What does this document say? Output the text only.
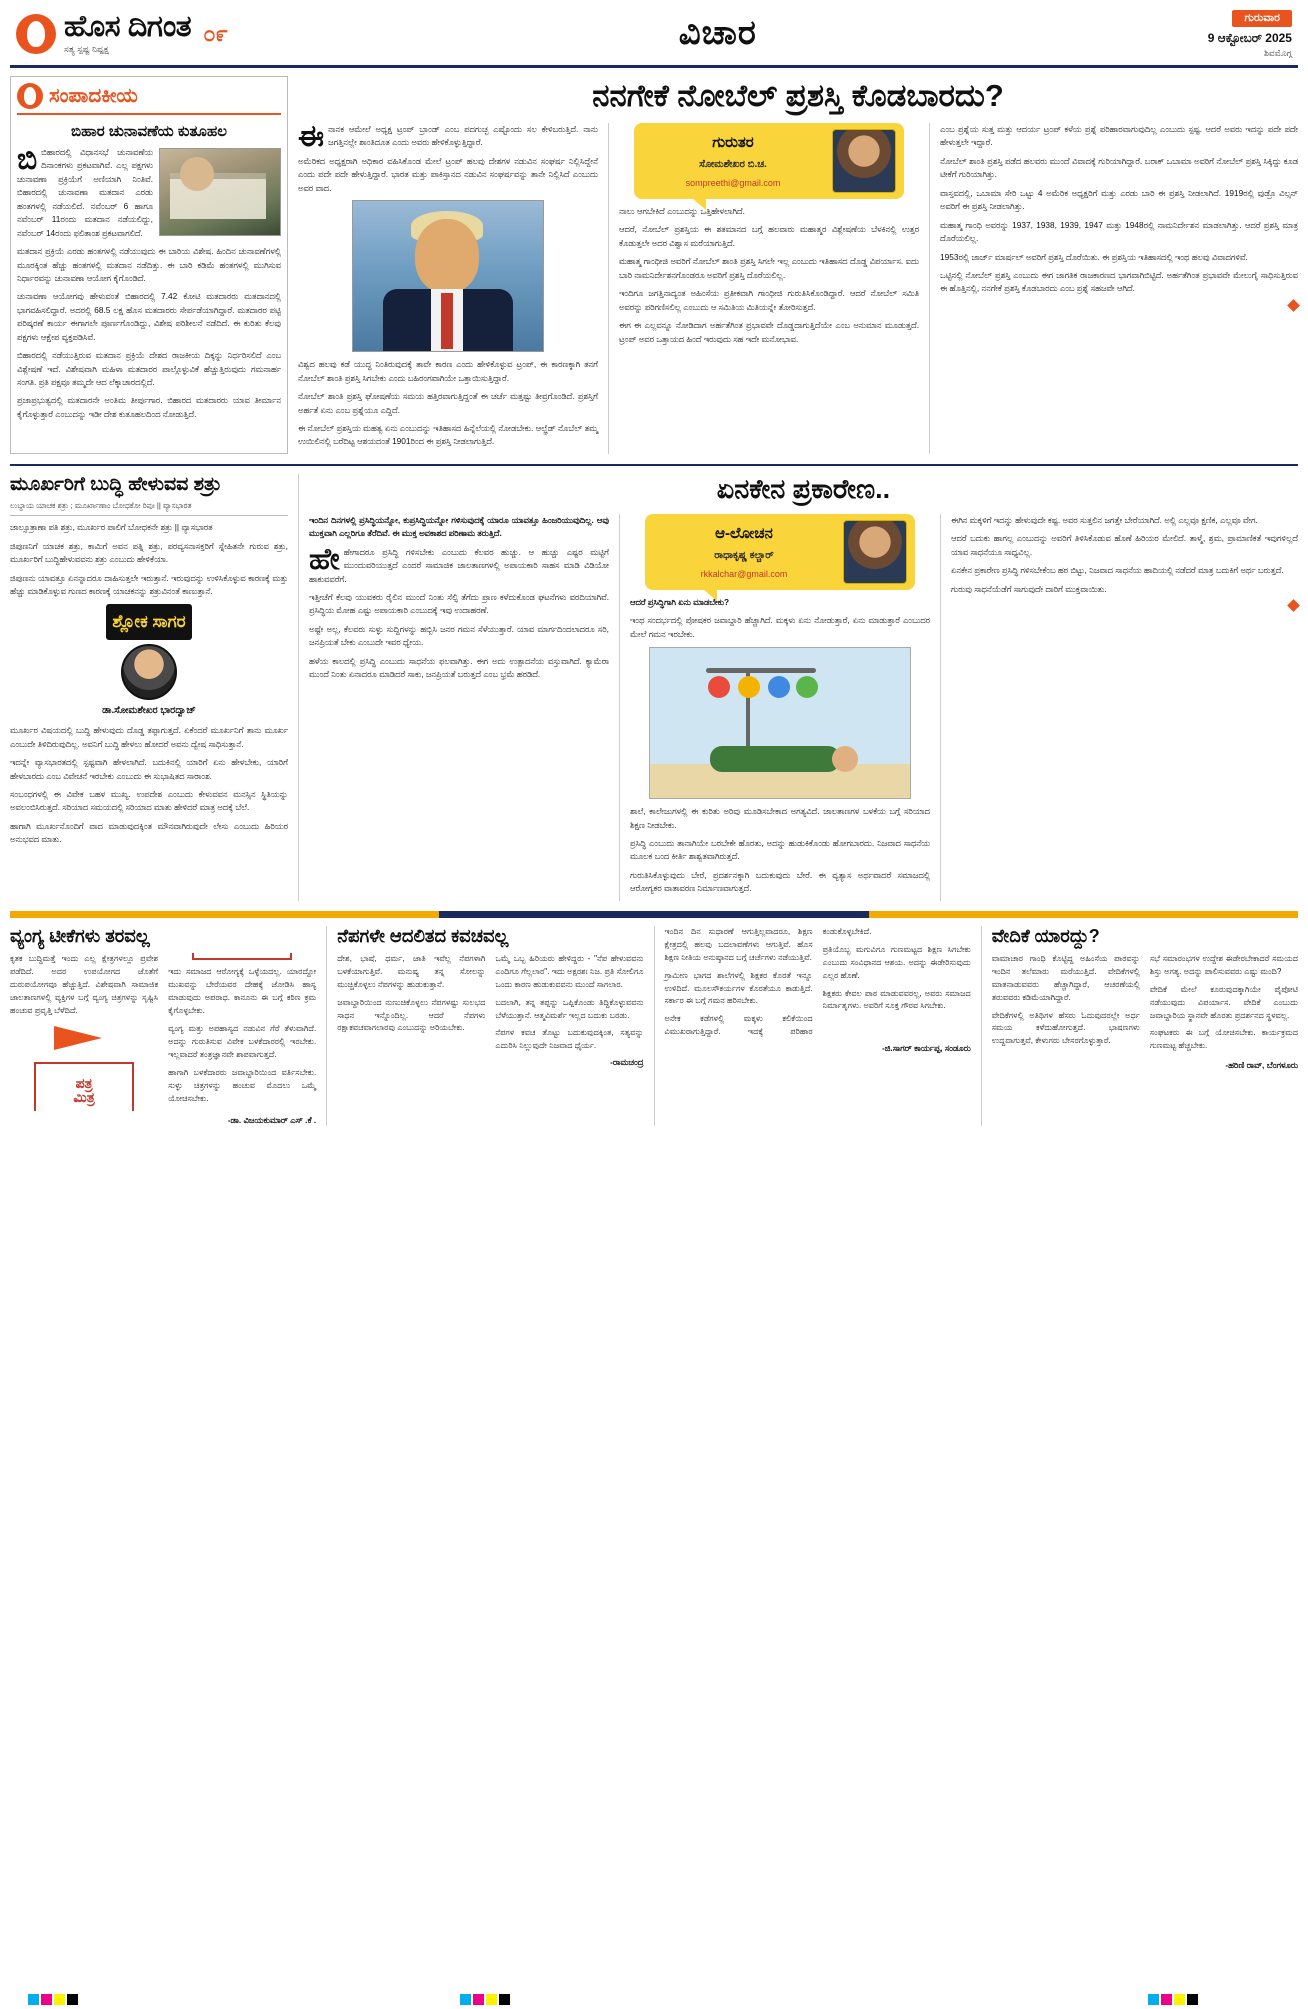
ಹೊಸ ದಿಗಂತ
ಸತ್ಯ ಸ್ಪಷ್ಟ ನಿಷ್ಪಕ್ಷ
೦೯	ವಿಚಾರ	ಗುರುವಾರ
9 ಆಕ್ಟೋಬರ್ 2025
ಶಿವಮೊಗ್ಗ
ಸಂಪಾದಕೀಯ
ಬಿಹಾರ ಚುನಾವಣೆಯ ಕುತೂಹಲ

ಬಿಬಿಹಾರದಲ್ಲಿ ವಿಧಾನಸಭೆ ಚುನಾವಣೆಯ ದಿನಾಂಕಗಳು ಪ್ರಕಟವಾಗಿವೆ. ಎಲ್ಲ ಪಕ್ಷಗಳು ಚುನಾವಣಾ ಪ್ರಕ್ರಿಯೆಗೆ ಅಣಿಯಾಗಿ ನಿಂತಿವೆ. ಬಿಹಾರದಲ್ಲಿ ಚುನಾವಣಾ ಮತದಾನ ಎರಡು ಹಂತಗಳಲ್ಲಿ ನಡೆಯಲಿದೆ. ನವೆಂಬರ್ 6 ಹಾಗೂ ನವೆಂಬರ್ 11ರಂದು ಮತದಾನ ನಡೆಯಲಿದ್ದು, ನವೆಂಬರ್ 14ರಂದು ಫಲಿತಾಂಶ ಪ್ರಕಟವಾಗಲಿದೆ.

ಮತದಾನ ಪ್ರಕ್ರಿಯೆ ಎರಡು ಹಂತಗಳಲ್ಲಿ ನಡೆಯುವುದು ಈ ಬಾರಿಯ ವಿಶೇಷ. ಹಿಂದಿನ ಚುನಾವಣೆಗಳಲ್ಲಿ ಮೂರಕ್ಕಿಂತ ಹೆಚ್ಚು ಹಂತಗಳಲ್ಲಿ ಮತದಾನ ನಡೆದಿತ್ತು. ಈ ಬಾರಿ ಕಡಿಮೆ ಹಂತಗಳಲ್ಲಿ ಮುಗಿಸುವ ನಿರ್ಧಾರವನ್ನು ಚುನಾವಣಾ ಆಯೋಗ ಕೈಗೊಂಡಿದೆ.

ಚುನಾವಣಾ ಆಯೋಗವು ಹೇಳುವಂತೆ ಬಿಹಾರದಲ್ಲಿ 7.42 ಕೋಟಿ ಮತದಾರರು ಮತದಾನದಲ್ಲಿ ಭಾಗವಹಿಸಲಿದ್ದಾರೆ. ಅದರಲ್ಲಿ 68.5 ಲಕ್ಷ ಹೊಸ ಮತದಾರರು ಸೇರ್ಪಡೆಯಾಗಿದ್ದಾರೆ. ಮತದಾರರ ಪಟ್ಟಿ ಪರಿಷ್ಕರಣೆ ಕಾರ್ಯ ಈಗಾಗಲೇ ಪೂರ್ಣಗೊಂಡಿದ್ದು, ವಿಶೇಷ ಪರಿಶೀಲನೆ ನಡೆದಿದೆ. ಈ ಕುರಿತು ಕೆಲವು ಪಕ್ಷಗಳು ಆಕ್ಷೇಪ ವ್ಯಕ್ತಪಡಿಸಿವೆ.

ಬಿಹಾರದಲ್ಲಿ ನಡೆಯುತ್ತಿರುವ ಮತದಾನ ಪ್ರಕ್ರಿಯೆ ದೇಶದ ರಾಜಕೀಯ ದಿಕ್ಕನ್ನು ನಿರ್ಧರಿಸಲಿದೆ ಎಂಬ ವಿಶ್ಲೇಷಣೆ ಇದೆ. ವಿಶೇಷವಾಗಿ ಮಹಿಳಾ ಮತದಾರರ ಪಾಲ್ಗೊಳ್ಳುವಿಕೆ ಹೆಚ್ಚುತ್ತಿರುವುದು ಗಮನಾರ್ಹ ಸಂಗತಿ. ಪ್ರತಿ ಪಕ್ಷವೂ ತಮ್ಮದೇ ಆದ ಲೆಕ್ಕಾಚಾರದಲ್ಲಿದೆ.

ಪ್ರಜಾಪ್ರಭುತ್ವದಲ್ಲಿ ಮತದಾರನೇ ಅಂತಿಮ ತೀರ್ಪುಗಾರ. ಬಿಹಾರದ ಮತದಾರರು ಯಾವ ತೀರ್ಮಾನ ಕೈಗೊಳ್ಳುತ್ತಾರೆ ಎಂಬುದನ್ನು ಇಡೀ ದೇಶ ಕುತೂಹಲದಿಂದ ನೋಡುತ್ತಿದೆ.

ನನಗೇಕೆ ನೋಬೆಲ್ ಪ್ರಶಸ್ತಿ ಕೊಡಬಾರದು?

ಈನಾನಕ ಆಮೇಲೆ ಅಧ್ಯಕ್ಷ ಟ್ರಂಪ್ ಬ್ರಾಂಡ್ ಎಂಬ ಪದಗುಚ್ಛ ಎಷ್ಟೊಂದು ಸಲ ಕೇಳಿಬರುತ್ತಿದೆ. ನಾನು ಜಗತ್ತಿನಲ್ಲೇ ಶಾಂತಿದೂತ ಎಂದು ಅವರು ಹೇಳಿಕೊಳ್ಳುತ್ತಿದ್ದಾರೆ.

ಅಮೆರಿಕದ ಅಧ್ಯಕ್ಷರಾಗಿ ಅಧಿಕಾರ ವಹಿಸಿಕೊಂಡ ಮೇಲೆ ಟ್ರಂಪ್ ಹಲವು ದೇಶಗಳ ನಡುವಿನ ಸಂಘರ್ಷ ನಿಲ್ಲಿಸಿದ್ದೇನೆ ಎಂದು ಪದೇ ಪದೇ ಹೇಳುತ್ತಿದ್ದಾರೆ. ಭಾರತ ಮತ್ತು ಪಾಕಿಸ್ತಾನದ ನಡುವಿನ ಸಂಘರ್ಷವನ್ನು ತಾನೇ ನಿಲ್ಲಿಸಿದೆ ಎಂಬುದು ಅವರ ವಾದ.

ವಿಶ್ವದ ಹಲವು ಕಡೆ ಯುದ್ಧ ನಿಂತಿರುವುದಕ್ಕೆ ತಾವೇ ಕಾರಣ ಎಂದು ಹೇಳಿಕೊಳ್ಳುವ ಟ್ರಂಪ್, ಈ ಕಾರಣಕ್ಕಾಗಿ ತನಗೆ ನೋಬೆಲ್ ಶಾಂತಿ ಪ್ರಶಸ್ತಿ ಸಿಗಬೇಕು ಎಂದು ಬಹಿರಂಗವಾಗಿಯೇ ಒತ್ತಾಯಿಸುತ್ತಿದ್ದಾರೆ.

ನೋಬೆಲ್ ಶಾಂತಿ ಪ್ರಶಸ್ತಿ ಘೋಷಣೆಯ ಸಮಯ ಹತ್ತಿರವಾಗುತ್ತಿದ್ದಂತೆ ಈ ಚರ್ಚೆ ಮತ್ತಷ್ಟು ತೀವ್ರಗೊಂಡಿದೆ. ಪ್ರಶಸ್ತಿಗೆ ಅರ್ಹತೆ ಏನು ಎಂಬ ಪ್ರಶ್ನೆಯೂ ಎದ್ದಿದೆ.

ಈ ನೋಬೆಲ್ ಪ್ರಶಸ್ತಿಯ ಮಹತ್ವ ಏನು ಎಂಬುದನ್ನು ಇತಿಹಾಸದ ಹಿನ್ನೆಲೆಯಲ್ಲಿ ನೋಡಬೇಕು. ಆಲ್ಫ್ರೆಡ್ ನೊಬೆಲ್ ತಮ್ಮ ಉಯಿಲಿನಲ್ಲಿ ಬರೆದಿಟ್ಟ ಆಶಯದಂತೆ 1901ರಿಂದ ಈ ಪ್ರಶಸ್ತಿ ನೀಡಲಾಗುತ್ತಿದೆ.

ಗುರುತರ
ಸೋಮಶೇಖರ ಬಿ.ಚ.
sompreethi@gmail.com

ನಾಲು ಆಗಬೇಕಿದೆ ಎಂಬುದನ್ನು ಒತ್ತಿಹೇಳಲಾಗಿದೆ.

ಆದರೆ, ನೋಬೆಲ್ ಪ್ರಶಸ್ತಿಯ ಈ ಶತಮಾನದ ಬಗ್ಗೆ ಹಲವಾರು ಮಹಾತ್ಮರ ವಿಶ್ಲೇಷಣೆಯ ಬೆಳಕಿನಲ್ಲಿ ಉತ್ತರ ಕೊಡುತ್ತಲೇ ಅದರ ವಿಶ್ವಾಸ ಮರೆಯಾಗುತ್ತಿದೆ.

ಮಹಾತ್ಮ ಗಾಂಧೀಜಿ ಅವರಿಗೆ ನೋಬೆಲ್ ಶಾಂತಿ ಪ್ರಶಸ್ತಿ ಸಿಗಲೇ ಇಲ್ಲ ಎಂಬುದು ಇತಿಹಾಸದ ದೊಡ್ಡ ವಿಪರ್ಯಾಸ. ಐದು ಬಾರಿ ನಾಮನಿರ್ದೇಶನಗೊಂಡರೂ ಅವರಿಗೆ ಪ್ರಶಸ್ತಿ ದೊರೆಯಲಿಲ್ಲ.

ಇಂದಿಗೂ ಜಗತ್ತಿನಾದ್ಯಂತ ಅಹಿಂಸೆಯ ಪ್ರತೀಕವಾಗಿ ಗಾಂಧೀಜಿ ಗುರುತಿಸಿಕೊಂಡಿದ್ದಾರೆ. ಆದರೆ ನೋಬೆಲ್ ಸಮಿತಿ ಅವರನ್ನು ಪರಿಗಣಿಸಲಿಲ್ಲ ಎಂಬುದು ಆ ಸಮಿತಿಯ ಮಿತಿಯನ್ನೇ ತೋರಿಸುತ್ತದೆ.

ಈಗ ಈ ಎಲ್ಲವನ್ನೂ ನೋಡಿದಾಗ ಅರ್ಹತೆಗಿಂತ ಪ್ರಭಾವವೇ ದೊಡ್ಡದಾಗುತ್ತಿದೆಯೇ ಎಂಬ ಅನುಮಾನ ಮೂಡುತ್ತದೆ. ಟ್ರಂಪ್ ಅವರ ಒತ್ತಾಯದ ಹಿಂದೆ ಇರುವುದು ಸಹ ಇದೇ ಮನೋಭಾವ.

ಎಂಬ ಪ್ರಶ್ನೆಯ ಸುತ್ತ ಮತ್ತು ಆದರ್ಯ ಟ್ರಂಪ್ ಕಳೆಯ ಪ್ರಶ್ನೆ ಪರಿಹಾರವಾಗುವುದಿಲ್ಲ ಎಂಬುದು ಸ್ಪಷ್ಟ. ಆದರೆ ಅವರು ಇದನ್ನು ಪದೇ ಪದೇ ಹೇಳುತ್ತಲೇ ಇದ್ದಾರೆ.

ನೋಬೆಲ್ ಶಾಂತಿ ಪ್ರಶಸ್ತಿ ಪಡೆದ ಹಲವರು ಮುಂದೆ ವಿವಾದಕ್ಕೆ ಗುರಿಯಾಗಿದ್ದಾರೆ. ಬರಾಕ್ ಒಬಾಮಾ ಅವರಿಗೆ ನೋಬೆಲ್ ಪ್ರಶಸ್ತಿ ಸಿಕ್ಕಿದ್ದು ಕೂಡ ಟೀಕೆಗೆ ಗುರಿಯಾಗಿತ್ತು.

ವಾಸ್ತವದಲ್ಲಿ, ಒಬಾಮಾ ಸೇರಿ ಒಟ್ಟು 4 ಅಮೆರಿಕ ಅಧ್ಯಕ್ಷರಿಗೆ ಮತ್ತು ಎರಡು ಬಾರಿ ಈ ಪ್ರಶಸ್ತಿ ನೀಡಲಾಗಿದೆ. 1919ರಲ್ಲಿ ವುಡ್ರೊ ವಿಲ್ಸನ್ ಅವರಿಗೆ ಈ ಪ್ರಶಸ್ತಿ ನೀಡಲಾಗಿತ್ತು.

ಮಹಾತ್ಮ ಗಾಂಧಿ ಅವರನ್ನು 1937, 1938, 1939, 1947 ಮತ್ತು 1948ರಲ್ಲಿ ನಾಮನಿರ್ದೇಶನ ಮಾಡಲಾಗಿತ್ತು. ಆದರೆ ಪ್ರಶಸ್ತಿ ಮಾತ್ರ ದೊರೆಯಲಿಲ್ಲ.

1953ರಲ್ಲಿ ಜಾರ್ಜ್ ಮಾರ್ಷಲ್ ಅವರಿಗೆ ಪ್ರಶಸ್ತಿ ದೊರೆಯಿತು. ಈ ಪ್ರಶಸ್ತಿಯ ಇತಿಹಾಸದಲ್ಲಿ ಇಂಥ ಹಲವು ವಿವಾದಗಳಿವೆ.

ಒಟ್ಟಿನಲ್ಲಿ ನೋಬೆಲ್ ಪ್ರಶಸ್ತಿ ಎಂಬುದು ಈಗ ಜಾಗತಿಕ ರಾಜಕಾರಣದ ಭಾಗವಾಗಿಬಿಟ್ಟಿದೆ. ಅರ್ಹತೆಗಿಂತ ಪ್ರಭಾವವೇ ಮೇಲುಗೈ ಸಾಧಿಸುತ್ತಿರುವ ಈ ಹೊತ್ತಿನಲ್ಲಿ, ನನಗೇಕೆ ಪ್ರಶಸ್ತಿ ಕೊಡಬಾರದು ಎಂಬ ಪ್ರಶ್ನೆ ಸಹಜವೇ ಆಗಿದೆ.

ಮೂರ್ಖರಿಗೆ ಬುದ್ಧಿ ಹೇಳುವವ ಶತ್ರು
ಲುಬ್ಧಾಯ ಯಾಚಕ ಶತ್ರು ; ಮೂರ್ಖಾಣಾಂ ಬೋಧಕೋ ರಿಪುಃ || ವ್ಯಾಸಭಾರತ

ಜಾಲ್ಸೂತ್ರಾಣಾ ಪತಿ ಶತ್ರು, ಮೂರ್ಖರ ಪಾಲಿಗೆ ಬೋಧಕನೇ ಶತ್ರು || ವ್ಯಾಸಭಾರತ

ಜಿಪುಣನಿಗೆ ಯಾಚಕ ಶತ್ರು, ಕಾಮಿಗೆ ಅವನ ಪತ್ನಿ ಶತ್ರು, ಪರವ್ಯಸನಾಸಕ್ತರಿಗೆ ಸ್ನೇಹಿತನೇ ಗುರುವ ಶತ್ರು, ಮೂರ್ಖರಿಗೆ ಬುದ್ಧಿಹೇಳುವವನು ಶತ್ರು ಎಂಬುದು ಹೇಳಿಕೆಯಾ.

ಜಿಪುಣನು ಯಾವತ್ತೂ ಏನನ್ನಾದರೂ ದಾಹಿಸುತ್ತಲೇ ಇರುತ್ತಾನೆ. ಇರುವುದನ್ನು ಉಳಿಸಿಕೊಳ್ಳುವ ಕಾರಣಕ್ಕೆ ಮತ್ತು ಹೆಚ್ಚು ಮಾಡಿಕೊಳ್ಳುವ ಗುಣದ ಕಾರಣಕ್ಕೆ ಯಾಚಕನನ್ನು ಶತ್ರುವಿನಂತೆ ಕಾಣುತ್ತಾನೆ.

ಶ್ಲೋಕ ಸಾಗರ
ಡಾ.ಸೋಮಶೇಖರ ಭಾರದ್ವಾಜ್

ಮೂರ್ಖರ ವಿಷಯದಲ್ಲಿ ಬುದ್ಧಿ ಹೇಳುವುದು ದೊಡ್ಡ ತಪ್ಪಾಗುತ್ತದೆ. ಏಕೆಂದರೆ ಮೂರ್ಖನಿಗೆ ತಾನು ಮೂರ್ಖ ಎಂಬುದೇ ತಿಳಿದಿರುವುದಿಲ್ಲ. ಅವನಿಗೆ ಬುದ್ಧಿ ಹೇಳಲು ಹೋದರೆ ಅವನು ದ್ವೇಷ ಸಾಧಿಸುತ್ತಾನೆ.

ಇದನ್ನೇ ವ್ಯಾಸಭಾರತದಲ್ಲಿ ಸ್ಪಷ್ಟವಾಗಿ ಹೇಳಲಾಗಿದೆ. ಬದುಕಿನಲ್ಲಿ ಯಾರಿಗೆ ಏನು ಹೇಳಬೇಕು, ಯಾರಿಗೆ ಹೇಳಬಾರದು ಎಂಬ ವಿವೇಚನೆ ಇರಬೇಕು ಎಂಬುದು ಈ ಸುಭಾಷಿತದ ಸಾರಾಂಶ.

ಸಂಬಂಧಗಳಲ್ಲಿ ಈ ವಿವೇಕ ಬಹಳ ಮುಖ್ಯ. ಉಪದೇಶ ಎಂಬುದು ಕೇಳುವವನ ಮನಸ್ಸಿನ ಸ್ಥಿತಿಯನ್ನು ಅವಲಂಬಿಸಿರುತ್ತದೆ. ಸರಿಯಾದ ಸಮಯದಲ್ಲಿ ಸರಿಯಾದ ಮಾತು ಹೇಳಿದರೆ ಮಾತ್ರ ಅದಕ್ಕೆ ಬೆಲೆ.

ಹಾಗಾಗಿ ಮೂರ್ಖನೊಂದಿಗೆ ವಾದ ಮಾಡುವುದಕ್ಕಿಂತ ಮೌನವಾಗಿರುವುದೇ ಲೇಸು ಎಂಬುದು ಹಿರಿಯರ ಅನುಭವದ ಮಾತು.

ಏನಕೇನ ಪ್ರಕಾರೇಣ..

ಇಂದಿನ ದಿನಗಳಲ್ಲಿ ಪ್ರಸಿದ್ಧಿಯನ್ನೋ, ಕುಪ್ರಸಿದ್ಧಿಯನ್ನೋ ಗಳಿಸುವುದಕ್ಕೆ ಯಾರೂ ಯಾವತ್ತೂ ಹಿಂಜರಿಯುವುದಿಲ್ಲ. ಆವು ಮುಕ್ತವಾಗಿ ಎಲ್ಲರಿಗೂ ತೆರೆದಿವೆ. ಈ ಮುಕ್ತ ಅವಕಾಶದ ಪರಿಣಾಮ ತರುತ್ತಿದೆ.

ಹೇಹೇಗಾದರೂ ಪ್ರಸಿದ್ಧಿ ಗಳಿಸಬೇಕು ಎಂಬುದು ಕೆಲವರ ಹುಚ್ಚು. ಆ ಹುಚ್ಚು ಎಷ್ಟರ ಮಟ್ಟಿಗೆ ಮುಂದುವರಿಯುತ್ತದೆ ಎಂದರೆ ಸಾಮಾಜಿಕ ಜಾಲತಾಣಗಳಲ್ಲಿ ಅಪಾಯಕಾರಿ ಸಾಹಸ ಮಾಡಿ ವಿಡಿಯೋ ಹಾಕುವವರೆಗೆ.

ಇತ್ತೀಚೆಗೆ ಕೆಲವು ಯುವಕರು ರೈಲಿನ ಮುಂದೆ ನಿಂತು ಸೆಲ್ಫಿ ತೆಗೆದು ಪ್ರಾಣ ಕಳೆದುಕೊಂಡ ಘಟನೆಗಳು ವರದಿಯಾಗಿವೆ. ಪ್ರಸಿದ್ಧಿಯ ಮೋಹ ಎಷ್ಟು ಅಪಾಯಕಾರಿ ಎಂಬುದಕ್ಕೆ ಇವು ಉದಾಹರಣೆ.

ಅಷ್ಟೇ ಅಲ್ಲ, ಕೆಲವರು ಸುಳ್ಳು ಸುದ್ದಿಗಳನ್ನು ಹಬ್ಬಿಸಿ ಜನರ ಗಮನ ಸೆಳೆಯುತ್ತಾರೆ. ಯಾವ ಮಾರ್ಗದಿಂದಲಾದರೂ ಸರಿ, ಜನಪ್ರಿಯತೆ ಬೇಕು ಎಂಬುದೇ ಇವರ ಧ್ಯೇಯ.

ಹಳೆಯ ಕಾಲದಲ್ಲಿ ಪ್ರಸಿದ್ಧಿ ಎಂಬುದು ಸಾಧನೆಯ ಫಲವಾಗಿತ್ತು. ಈಗ ಅದು ಉತ್ಪಾದನೆಯ ವಸ್ತುವಾಗಿದೆ. ಕ್ಯಾಮೆರಾ ಮುಂದೆ ನಿಂತು ಏನಾದರೂ ಮಾಡಿದರೆ ಸಾಕು, ಜನಪ್ರಿಯತೆ ಬರುತ್ತದೆ ಎಂಬ ಭ್ರಮೆ ಹರಡಿದೆ.

ಆ-ಲೋಚನ
ರಾಧಾಕೃಷ್ಣ ಕಲ್ಚಾರ್
rkkalchar@gmail.com

ಆದರೆ ಪ್ರಸಿದ್ಧಿಗಾಗಿ ಏನು ಮಾಡಬೇಕು?

ಇಂಥ ಸಂದರ್ಭದಲ್ಲಿ ಪೋಷಕರ ಜವಾಬ್ದಾರಿ ಹೆಚ್ಚಾಗಿದೆ. ಮಕ್ಕಳು ಏನು ನೋಡುತ್ತಾರೆ, ಏನು ಮಾಡುತ್ತಾರೆ ಎಂಬುದರ ಮೇಲೆ ಗಮನ ಇರಬೇಕು.

ಶಾಲೆ, ಕಾಲೇಜುಗಳಲ್ಲಿ ಈ ಕುರಿತು ಅರಿವು ಮೂಡಿಸಬೇಕಾದ ಅಗತ್ಯವಿದೆ. ಜಾಲತಾಣಗಳ ಬಳಕೆಯ ಬಗ್ಗೆ ಸರಿಯಾದ ಶಿಕ್ಷಣ ನೀಡಬೇಕು.

ಪ್ರಸಿದ್ಧಿ ಎಂಬುದು ತಾನಾಗಿಯೇ ಬರಬೇಕೇ ಹೊರತು, ಅದನ್ನು ಹುಡುಕಿಕೊಂಡು ಹೋಗಬಾರದು. ನಿಜವಾದ ಸಾಧನೆಯ ಮೂಲಕ ಬಂದ ಕೀರ್ತಿ ಶಾಶ್ವತವಾಗಿರುತ್ತದೆ.

ಗುರುತಿಸಿಕೊಳ್ಳುವುದು ಬೇರೆ, ಪ್ರದರ್ಶನಕ್ಕಾಗಿ ಬದುಕುವುದು ಬೇರೆ. ಈ ವ್ಯತ್ಯಾಸ ಅರ್ಥವಾದರೆ ಸಮಾಜದಲ್ಲಿ ಆರೋಗ್ಯಕರ ವಾತಾವರಣ ನಿರ್ಮಾಣವಾಗುತ್ತದೆ.

ಈಗಿನ ಮಕ್ಕಳಿಗೆ ಇದನ್ನು ಹೇಳುವುದೇ ಕಷ್ಟ. ಅವರ ಸುತ್ತಲಿನ ಜಗತ್ತೇ ಬೇರೆಯಾಗಿದೆ. ಅಲ್ಲಿ ಎಲ್ಲವೂ ಕ್ಷಣಿಕ, ಎಲ್ಲವೂ ವೇಗ.

ಆದರೆ ಬದುಕು ಹಾಗಲ್ಲ ಎಂಬುದನ್ನು ಅವರಿಗೆ ತಿಳಿಸಿಕೊಡುವ ಹೊಣೆ ಹಿರಿಯರ ಮೇಲಿದೆ. ತಾಳ್ಮೆ, ಶ್ರಮ, ಪ್ರಾಮಾಣಿಕತೆ ಇವುಗಳಿಲ್ಲದೆ ಯಾವ ಸಾಧನೆಯೂ ಸಾಧ್ಯವಿಲ್ಲ.

ಏನಕೇನ ಪ್ರಕಾರೇಣ ಪ್ರಸಿದ್ಧಿ ಗಳಿಸಬೇಕೆಂಬ ಹಠ ಬಿಟ್ಟು, ನಿಜವಾದ ಸಾಧನೆಯ ಹಾದಿಯಲ್ಲಿ ನಡೆದರೆ ಮಾತ್ರ ಬದುಕಿಗೆ ಅರ್ಥ ಬರುತ್ತದೆ.

ಗುರುವು ಸಾಧನೆಯೆಡೆಗೆ ಸಾಗುವುದೇ ದಾರಿಗೆ ಮುಕ್ತವಾಯಿತು.

ವ್ಯಂಗ್ಯ ಟೀಕೆಗಳು ತರವಲ್ಲ

ಕೃತಕ ಬುದ್ಧಿಮತ್ತೆ ಇಂದು ಎಲ್ಲ ಕ್ಷೇತ್ರಗಳಲ್ಲೂ ಪ್ರವೇಶ ಪಡೆದಿದೆ. ಅದರ ಉಪಯೋಗದ ಜೊತೆಗೆ ದುರುಪಯೋಗವೂ ಹೆಚ್ಚುತ್ತಿದೆ. ವಿಶೇಷವಾಗಿ ಸಾಮಾಜಿಕ ಜಾಲತಾಣಗಳಲ್ಲಿ ವ್ಯಕ್ತಿಗಳ ಬಗ್ಗೆ ವ್ಯಂಗ್ಯ ಚಿತ್ರಗಳನ್ನು ಸೃಷ್ಟಿಸಿ ಹಂಚುವ ಪ್ರವೃತ್ತಿ ಬೆಳೆದಿದೆ.

ಪತ್ರ
ಮಿತ್ರ

ಇದು ಸಮಾಜದ ಆರೋಗ್ಯಕ್ಕೆ ಒಳ್ಳೆಯದಲ್ಲ. ಯಾರದ್ದೋ ಮುಖವನ್ನು ಬೇರೆಯವರ ದೇಹಕ್ಕೆ ಜೋಡಿಸಿ ಹಾಸ್ಯ ಮಾಡುವುದು ಅಪರಾಧ. ಕಾನೂನು ಈ ಬಗ್ಗೆ ಕಠಿಣ ಕ್ರಮ ಕೈಗೊಳ್ಳಬೇಕು.

ವ್ಯಂಗ್ಯ ಮತ್ತು ಅಪಹಾಸ್ಯದ ನಡುವಿನ ಗೆರೆ ತೆಳುವಾಗಿದೆ. ಅದನ್ನು ಗುರುತಿಸುವ ವಿವೇಕ ಬಳಕೆದಾರರಲ್ಲಿ ಇರಬೇಕು. ಇಲ್ಲವಾದರೆ ತಂತ್ರಜ್ಞಾನವೇ ಶಾಪವಾಗುತ್ತದೆ.

ಹಾಗಾಗಿ ಬಳಕೆದಾರರು ಜವಾಬ್ದಾರಿಯಿಂದ ವರ್ತಿಸಬೇಕು. ಸುಳ್ಳು ಚಿತ್ರಗಳನ್ನು ಹಂಚುವ ಮೊದಲು ಒಮ್ಮೆ ಯೋಚಿಸಬೇಕು.

-ಡಾ. ವಿಜಯಕುಮಾರ್ ಎಸ್ .ಕೆ .
ನೆಪಗಳೇ ಆದಲಿತದ ಕವಚವಲ್ಲ

ದೇಶ, ಭಾಷೆ, ಧರ್ಮ, ಜಾತಿ ಇವೆಲ್ಲ ನೆಪಗಳಾಗಿ ಬಳಕೆಯಾಗುತ್ತಿವೆ. ಮನುಷ್ಯ ತನ್ನ ಸೋಲನ್ನು ಮುಚ್ಚಿಕೊಳ್ಳಲು ನೆಪಗಳನ್ನು ಹುಡುಕುತ್ತಾನೆ.

ಜವಾಬ್ದಾರಿಯಿಂದ ನುಣುಚಿಕೊಳ್ಳಲು ನೆಪಗಳಷ್ಟು ಸುಲಭದ ಸಾಧನ ಇನ್ನೊಂದಿಲ್ಲ. ಆದರೆ ನೆಪಗಳು ರಕ್ಷಾಕವಚವಾಗಲಾರವು ಎಂಬುದನ್ನು ಅರಿಯಬೇಕು.

ಒಮ್ಮೆ ಒಬ್ಬ ಹಿರಿಯರು ಹೇಳಿದ್ದರು - "ನೆಪ ಹೇಳುವವನು ಎಂದಿಗೂ ಗೆಲ್ಲಲಾರ". ಇದು ಅಕ್ಷರಶಃ ನಿಜ. ಪ್ರತಿ ಸೋಲಿಗೂ ಒಂದು ಕಾರಣ ಹುಡುಕುವವನು ಮುಂದೆ ಸಾಗಲಾರ.

ಬದಲಾಗಿ, ತನ್ನ ತಪ್ಪನ್ನು ಒಪ್ಪಿಕೊಂಡು ತಿದ್ದಿಕೊಳ್ಳುವವನು ಬೆಳೆಯುತ್ತಾನೆ. ಆತ್ಮವಿಮರ್ಶೆ ಇಲ್ಲದ ಬದುಕು ಬರಡು.

ನೆಪಗಳ ಕವಚ ತೊಟ್ಟು ಬದುಕುವುದಕ್ಕಿಂತ, ಸತ್ಯವನ್ನು ಎದುರಿಸಿ ನಿಲ್ಲುವುದೇ ನಿಜವಾದ ಧೈರ್ಯ.

-ರಾಮಚಂದ್ರ

ಇಂದಿನ ದಿನ ಸುಧಾರಣೆ ಆಗುತ್ತಿಲ್ಲವಾದರೂ, ಶಿಕ್ಷಣ ಕ್ಷೇತ್ರದಲ್ಲಿ ಹಲವು ಬದಲಾವಣೆಗಳು ಆಗುತ್ತಿವೆ. ಹೊಸ ಶಿಕ್ಷಣ ನೀತಿಯ ಅನುಷ್ಠಾನದ ಬಗ್ಗೆ ಚರ್ಚೆಗಳು ನಡೆಯುತ್ತಿವೆ.

ಗ್ರಾಮೀಣ ಭಾಗದ ಶಾಲೆಗಳಲ್ಲಿ ಶಿಕ್ಷಕರ ಕೊರತೆ ಇನ್ನೂ ಉಳಿದಿದೆ. ಮೂಲಸೌಕರ್ಯಗಳ ಕೊರತೆಯೂ ಕಾಡುತ್ತಿದೆ. ಸರ್ಕಾರ ಈ ಬಗ್ಗೆ ಗಮನ ಹರಿಸಬೇಕು.

ಅನೇಕ ಕಡೆಗಳಲ್ಲಿ ಮಕ್ಕಳು ಕಲಿಕೆಯಿಂದ ವಿಮುಖರಾಗುತ್ತಿದ್ದಾರೆ. ಇದಕ್ಕೆ ಪರಿಹಾರ ಕಂಡುಕೊಳ್ಳಬೇಕಿದೆ.

ಪ್ರತಿಯೊಬ್ಬ ಮಗುವಿಗೂ ಗುಣಮಟ್ಟದ ಶಿಕ್ಷಣ ಸಿಗಬೇಕು ಎಂಬುದು ಸಂವಿಧಾನದ ಆಶಯ. ಅದನ್ನು ಈಡೇರಿಸುವುದು ಎಲ್ಲರ ಹೊಣೆ.

ಶಿಕ್ಷಕರು ಕೇವಲ ಪಾಠ ಮಾಡುವವರಲ್ಲ, ಅವರು ಸಮಾಜದ ನಿರ್ಮಾತೃಗಳು. ಅವರಿಗೆ ಸೂಕ್ತ ಗೌರವ ಸಿಗಬೇಕು.

-ಜಿ.ಸಾಗರ್ ಕಾರ್ಯಪ್ಪ, ಸಂಡೂರು
ವೇದಿಕೆ ಯಾರದ್ದು?

ವಾಮಾಚಾರ ಗಾಂಧಿ ಕೊಟ್ಟಿದ್ದ ಅಹಿಂಸೆಯ ಪಾಠವನ್ನು ಇಂದಿನ ತಲೆಮಾರು ಮರೆಯುತ್ತಿದೆ. ವೇದಿಕೆಗಳಲ್ಲಿ ಮಾತನಾಡುವವರು ಹೆಚ್ಚಾಗಿದ್ದಾರೆ, ಆಚರಣೆಯಲ್ಲಿ ತರುವವರು ಕಡಿಮೆಯಾಗಿದ್ದಾರೆ.

ವೇದಿಕೆಗಳಲ್ಲಿ ಅತಿಥಿಗಳ ಹೆಸರು ಓದುವುದರಲ್ಲೇ ಅರ್ಧ ಸಮಯ ಕಳೆದುಹೋಗುತ್ತದೆ. ಭಾಷಣಗಳು ಉದ್ದವಾಗುತ್ತವೆ, ಕೇಳುಗರು ಬೇಸರಗೊಳ್ಳುತ್ತಾರೆ.

ಸಭೆ ಸಮಾರಂಭಗಳ ಉದ್ದೇಶ ಈಡೇರಬೇಕಾದರೆ ಸಮಯದ ಶಿಸ್ತು ಅಗತ್ಯ. ಅದನ್ನು ಪಾಲಿಸುವವರು ಎಷ್ಟು ಮಂದಿ?

ವೇದಿಕೆ ಮೇಲೆ ಕೂರುವುದಕ್ಕಾಗಿಯೇ ಪೈಪೋಟಿ ನಡೆಯುವುದು ವಿಪರ್ಯಾಸ. ವೇದಿಕೆ ಎಂಬುದು ಜವಾಬ್ದಾರಿಯ ಸ್ಥಾನವೇ ಹೊರತು ಪ್ರದರ್ಶನದ ಸ್ಥಳವಲ್ಲ.

ಸಂಘಟಕರು ಈ ಬಗ್ಗೆ ಯೋಚಿಸಬೇಕು. ಕಾರ್ಯಕ್ರಮದ ಗುಣಮಟ್ಟ ಹೆಚ್ಚಬೇಕು.

-ಹರಿಣಿ ರಾವ್, ಬೆಂಗಳೂರು
